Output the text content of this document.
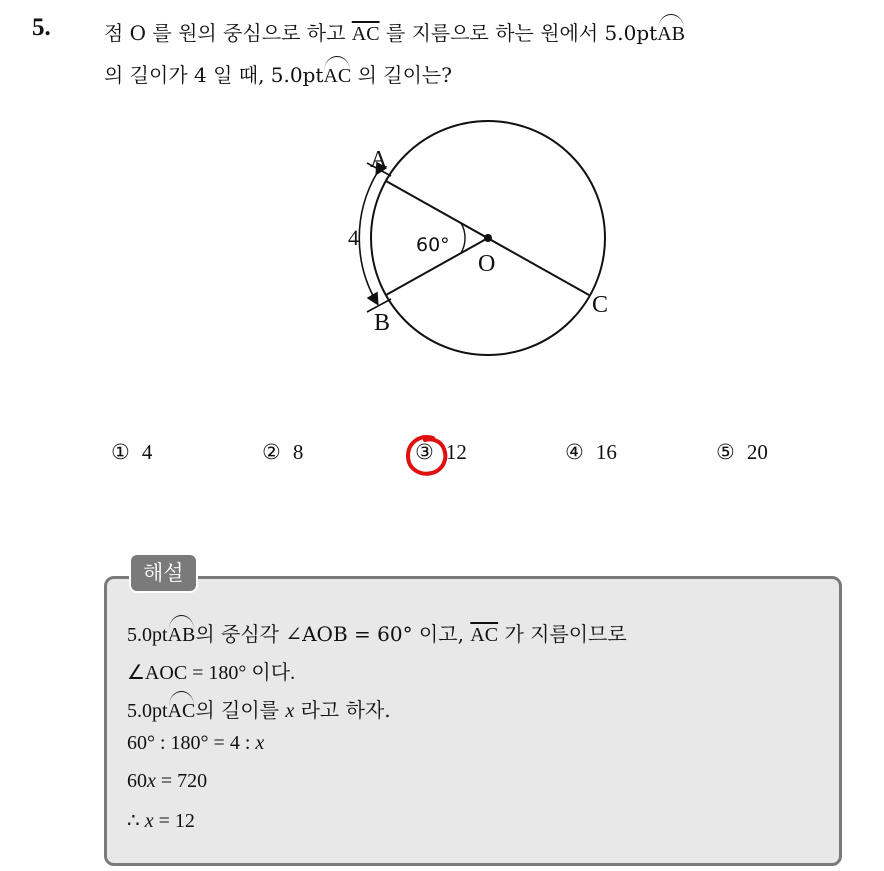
5.	점 O 를 원의 중심으로 하고 $\overline{AC}$ 를 지름으로 하는 원에서 5.0ptAB
의 길이가 4 일 때, 5.0ptAC 의 길이는?
A
B
C
O
60°
4
① 4	② 8	③ 12	④ 16	⑤ 20
해설
5.0ptAB의 중심각 ∠AOB = 60° 이고, $\overline{AC}$ 가 지름이므로
∠AOC = 180° 이다.
5.0ptAC의 길이를 x 라고 하자.
60° : 180° = 4 : x
60x = 720
∴ x = 12
